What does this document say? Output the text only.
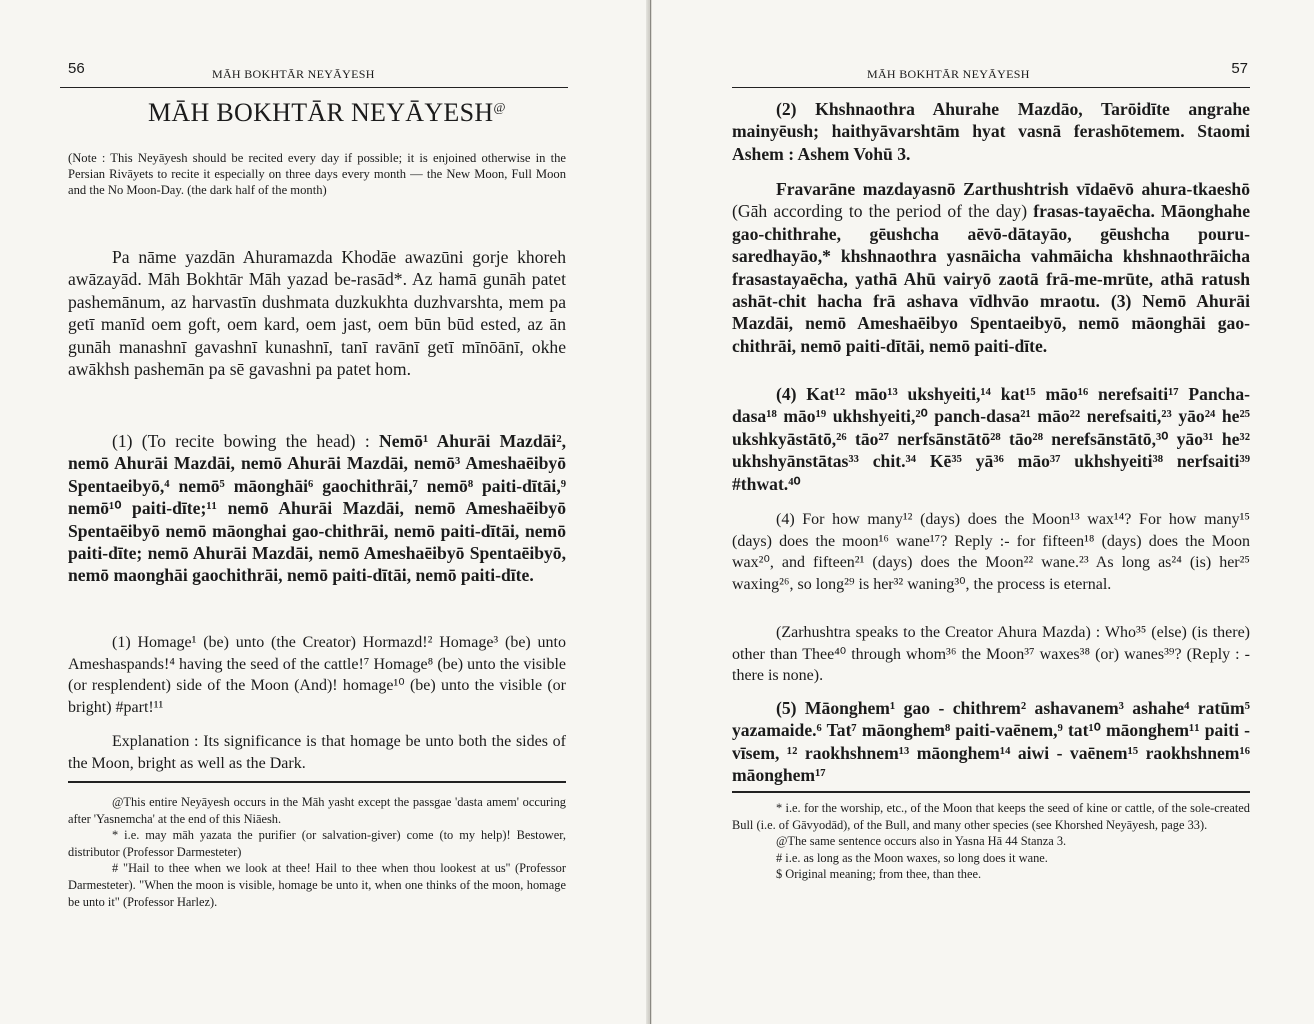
56	MĀH BOKHTĀR NEYĀYESH
MĀH BOKHTĀR NEYĀYESH@

(Note : This Neyāyesh should be recited every day if possible; it is enjoined otherwise in the Persian Rivāyets to recite it especially on three days every month — the New Moon, Full Moon and the No Moon-Day. (the dark half of the month)

Pa nāme yazdān Ahuramazda Khodāe awazūni gorje khoreh awāzayād. Māh Bokhtār Māh yazad be-rasād*. Az hamā gunāh patet pashemānum, az harvastīn dushmata duzkukhta duzhvarshta, mem pa getī manīd oem goft, oem kard, oem jast, oem būn būd ested, az ān gunāh manashnī gavashnī kunashnī, tanī ravānī getī mīnōānī, okhe awākhsh pashemān pa sē gavashni pa patet hom.

(1) (To recite bowing the head) : Nemō¹ Ahurāi Mazdāi², nemō Ahurāi Mazdāi, nemō Ahurāi Mazdāi, nemō³ Ameshaēibyō Spentaeibyō,⁴ nemō⁵ māonghāi⁶ gaochithrāi,⁷ nemō⁸ paiti-dītāi,⁹ nemō¹⁰ paiti-dīte;¹¹ nemō Ahurāi Mazdāi, nemō Ameshaēibyō Spentaēibyō nemō māonghai gao-chithrāi, nemō paiti-dītāi, nemō paiti-dīte; nemō Ahurāi Mazdāi, nemō Ameshaēibyō Spentaēibyō, nemō maonghāi gaochithrāi, nemō paiti-dītāi, nemō paiti-dīte.

(1) Homage¹ (be) unto (the Creator) Hormazd!² Homage³ (be) unto Ameshaspands!⁴ having the seed of the cattle!⁷ Homage⁸ (be) unto the visible (or resplendent) side of the Moon (And)! homage¹⁰ (be) unto the visible (or bright) #part!¹¹

Explanation : Its significance is that homage be unto both the sides of the Moon, bright as well as the Dark.

@This entire Neyāyesh occurs in the Māh yasht except the passgae 'dasta amem' occuring after 'Yasnemcha' at the end of this Niāesh.

* i.e. may māh yazata the purifier (or salvation-giver) come (to my help)! Bestower, distributor (Professor Darmesteter)

# "Hail to thee when we look at thee! Hail to thee when thou lookest at us'' (Professor Darmesteter). "When the moon is visible, homage be unto it, when one thinks of the moon, homage be unto it" (Professor Harlez).

MĀH BOKHTĀR NEYĀYESH	57

(2) Khshnaothra Ahurahe Mazdāo, Tarōidīte angrahe mainyēush; haithyāvarshtām hyat vasnā ferashōtemem. Staomi Ashem : Ashem Vohū 3.

Fravarāne mazdayasnō Zarthushtrish vīdaēvō ahura-tkaeshō (Gāh according to the period of the day) frasas-tayaēcha. Māonghahe gao-chithrahe, gēushcha aēvō-dātayāo, gēushcha pouru-saredhayāo,* khshnaothra yasnāicha vahmāicha khshnaothrāicha frasastayaēcha, yathā Ahū vairyō zaotā frā-me-mrūte, athā ratush ashāt-chit hacha frā ashava vīdhvāo mraotu. (3) Nemō Ahurāi Mazdāi, nemō Ameshaēibyo Spentaeibyō, nemō māonghāi gao-chithrāi, nemō paiti-dītāi, nemō paiti-dīte.

(4) Kat¹² māo¹³ ukshyeiti,¹⁴ kat¹⁵ māo¹⁶ nerefsaiti¹⁷ Pancha-dasa¹⁸ māo¹⁹ ukhshyeiti,²⁰ panch-dasa²¹ māo²² nerefsaiti,²³ yāo²⁴ he²⁵ ukshkyāstātō,²⁶ tāo²⁷ nerfsānstātō²⁸ tāo²⁸ nerefsānstātō,³⁰ yāo³¹ he³² ukhshyānstātas³³ chit.³⁴ Kē³⁵ yā³⁶ māo³⁷ ukhshyeiti³⁸ nerfsaiti³⁹ #thwat.⁴⁰

(4) For how many¹² (days) does the Moon¹³ wax¹⁴? For how many¹⁵ (days) does the moon¹⁶ wane¹⁷? Reply :- for fifteen¹⁸ (days) does the Moon wax²⁰, and fifteen²¹ (days) does the Moon²² wane.²³ As long as²⁴ (is) her²⁵ waxing²⁶, so long²⁹ is her³² waning³⁰, the process is eternal.

(Zarhushtra speaks to the Creator Ahura Mazda) : Who³⁵ (else) (is there) other than Thee⁴⁰ through whom³⁶ the Moon³⁷ waxes³⁸ (or) wanes³⁹? (Reply : - there is none).

(5) Māonghem¹ gao - chithrem² ashavanem³ ashahe⁴ ratūm⁵ yazamaide.⁶ Tat⁷ māonghem⁸ paiti-vaēnem,⁹ tat¹⁰ māonghem¹¹ paiti - vīsem, ¹² raokhshnem¹³ māonghem¹⁴ aiwi - vaēnem¹⁵ raokhshnem¹⁶ māonghem¹⁷

* i.e. for the worship, etc., of the Moon that keeps the seed of kine or cattle, of the sole-created Bull (i.e. of Gāvyodād), of the Bull, and many other species (see Khorshed Neyāyesh, page 33).

@The same sentence occurs also in Yasna Hā 44 Stanza 3.

# i.e. as long as the Moon waxes, so long does it wane.

$ Original meaning; from thee, than thee.
